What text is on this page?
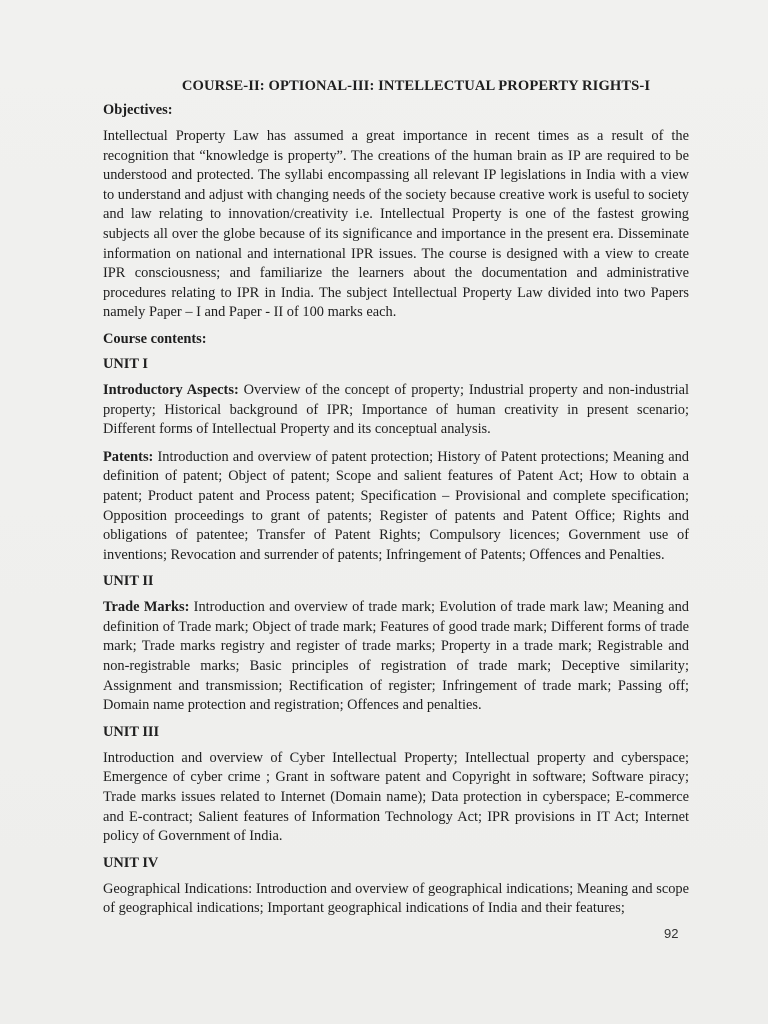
COURSE-II: OPTIONAL-III: INTELLECTUAL PROPERTY RIGHTS-I
Objectives:

Intellectual Property Law has assumed a great importance in recent times as a result of the recognition that “knowledge is property”. The creations of the human brain as IP are required to be understood and protected. The syllabi encompassing all relevant IP legislations in India with a view to understand and adjust with changing needs of the society because creative work is useful to society and law relating to innovation/creativity i.e. Intellectual Property is one of the fastest growing subjects all over the globe because of its significance and importance in the present era. Disseminate information on national and international IPR issues. The course is designed with a view to create IPR consciousness; and familiarize the learners about the documentation and administrative procedures relating to IPR in India. The subject Intellectual Property Law divided into two Papers namely Paper – I and Paper - II of 100 marks each.

Course contents:
UNIT I

Introductory Aspects: Overview of the concept of property; Industrial property and non-industrial property; Historical background of IPR; Importance of human creativity in present scenario; Different forms of Intellectual Property and its conceptual analysis.

Patents: Introduction and overview of patent protection; History of Patent protections; Meaning and definition of patent; Object of patent; Scope and salient features of Patent Act; How to obtain a patent; Product patent and Process patent; Specification – Provisional and complete specification; Opposition proceedings to grant of patents; Register of patents and Patent Office; Rights and obligations of patentee; Transfer of Patent Rights; Compulsory licences; Government use of inventions; Revocation and surrender of patents; Infringement of Patents; Offences and Penalties.

UNIT II

Trade Marks: Introduction and overview of trade mark; Evolution of trade mark law; Meaning and definition of Trade mark; Object of trade mark; Features of good trade mark; Different forms of trade mark; Trade marks registry and register of trade marks; Property in a trade mark; Registrable and non-registrable marks; Basic principles of registration of trade mark; Deceptive similarity; Assignment and transmission; Rectification of register; Infringement of trade mark; Passing off; Domain name protection and registration; Offences and penalties.

UNIT III

Introduction and overview of Cyber Intellectual Property; Intellectual property and cyberspace; Emergence of cyber crime ; Grant in software patent and Copyright in software; Software piracy; Trade marks issues related to Internet (Domain name); Data protection in cyberspace; E-commerce and E-contract; Salient features of Information Technology Act; IPR provisions in IT Act; Internet policy of Government of India.

UNIT IV

Geographical Indications: Introduction and overview of geographical indications; Meaning and scope of geographical indications; Important geographical indications of India and their features;

92
